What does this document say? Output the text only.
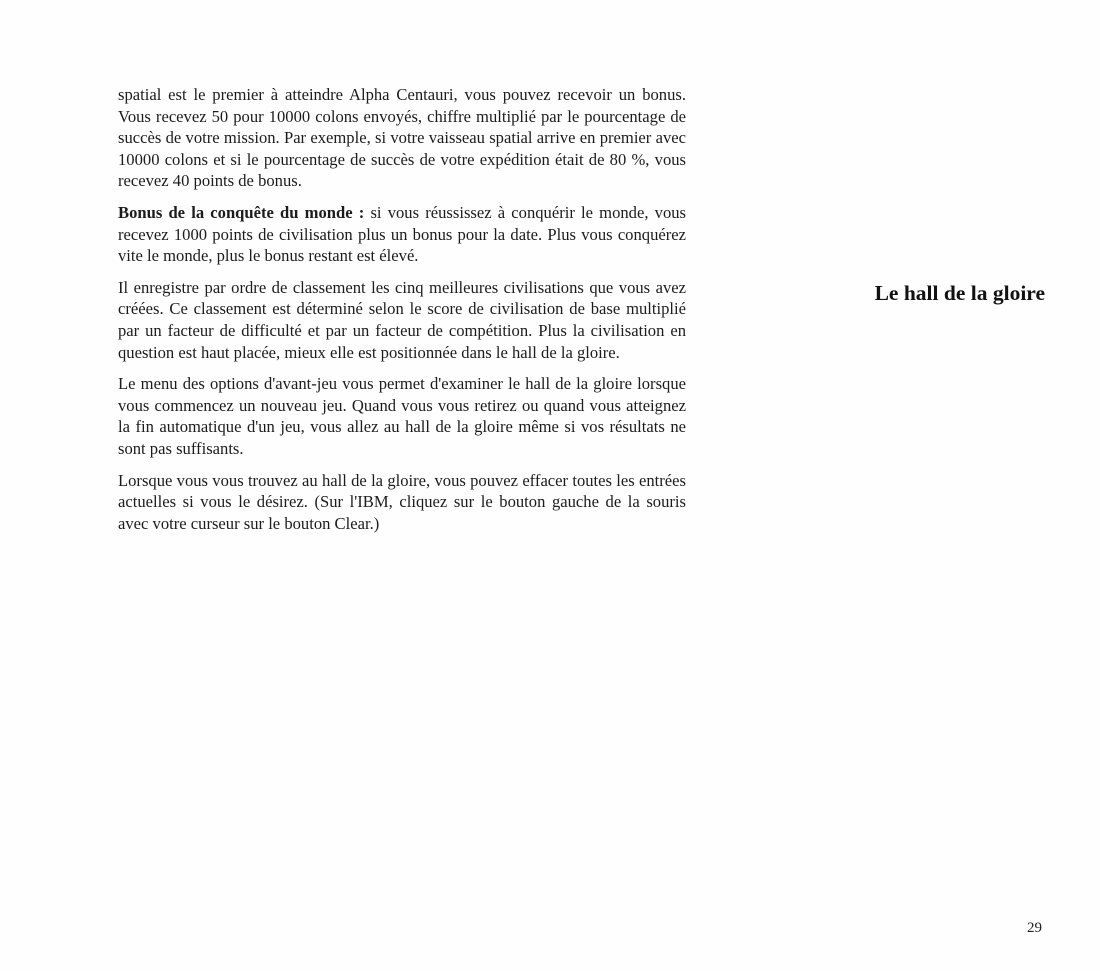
spatial est le premier à atteindre Alpha Centauri, vous pouvez recevoir un bonus. Vous recevez 50 pour 10000 colons envoyés, chiffre multiplié par le pourcentage de succès de votre mission. Par exemple, si votre vaisseau spatial arrive en premier avec 10000 colons et si le pourcentage de succès de votre expédition était de 80 %, vous recevez 40 points de bonus.

Bonus de la conquête du monde : si vous réussissez à conquérir le monde, vous recevez 1000 points de civilisation plus un bonus pour la date. Plus vous conquérez vite le monde, plus le bonus restant est élevé.

Il enregistre par ordre de classement les cinq meilleures civilisations que vous avez créées. Ce classement est déterminé selon le score de civilisation de base multiplié par un facteur de difficulté et par un facteur de compétition. Plus la civilisation en question est haut placée, mieux elle est positionnée dans le hall de la gloire.

Le menu des options d'avant-jeu vous permet d'examiner le hall de la gloire lorsque vous commencez un nouveau jeu. Quand vous vous retirez ou quand vous atteignez la fin automatique d'un jeu, vous allez au hall de la gloire même si vos résultats ne sont pas suffisants.

Lorsque vous vous trouvez au hall de la gloire, vous pouvez effacer toutes les entrées actuelles si vous le désirez. (Sur l'IBM, cliquez sur le bouton gauche de la souris avec votre curseur sur le bouton Clear.)

Le hall de la gloire
29
